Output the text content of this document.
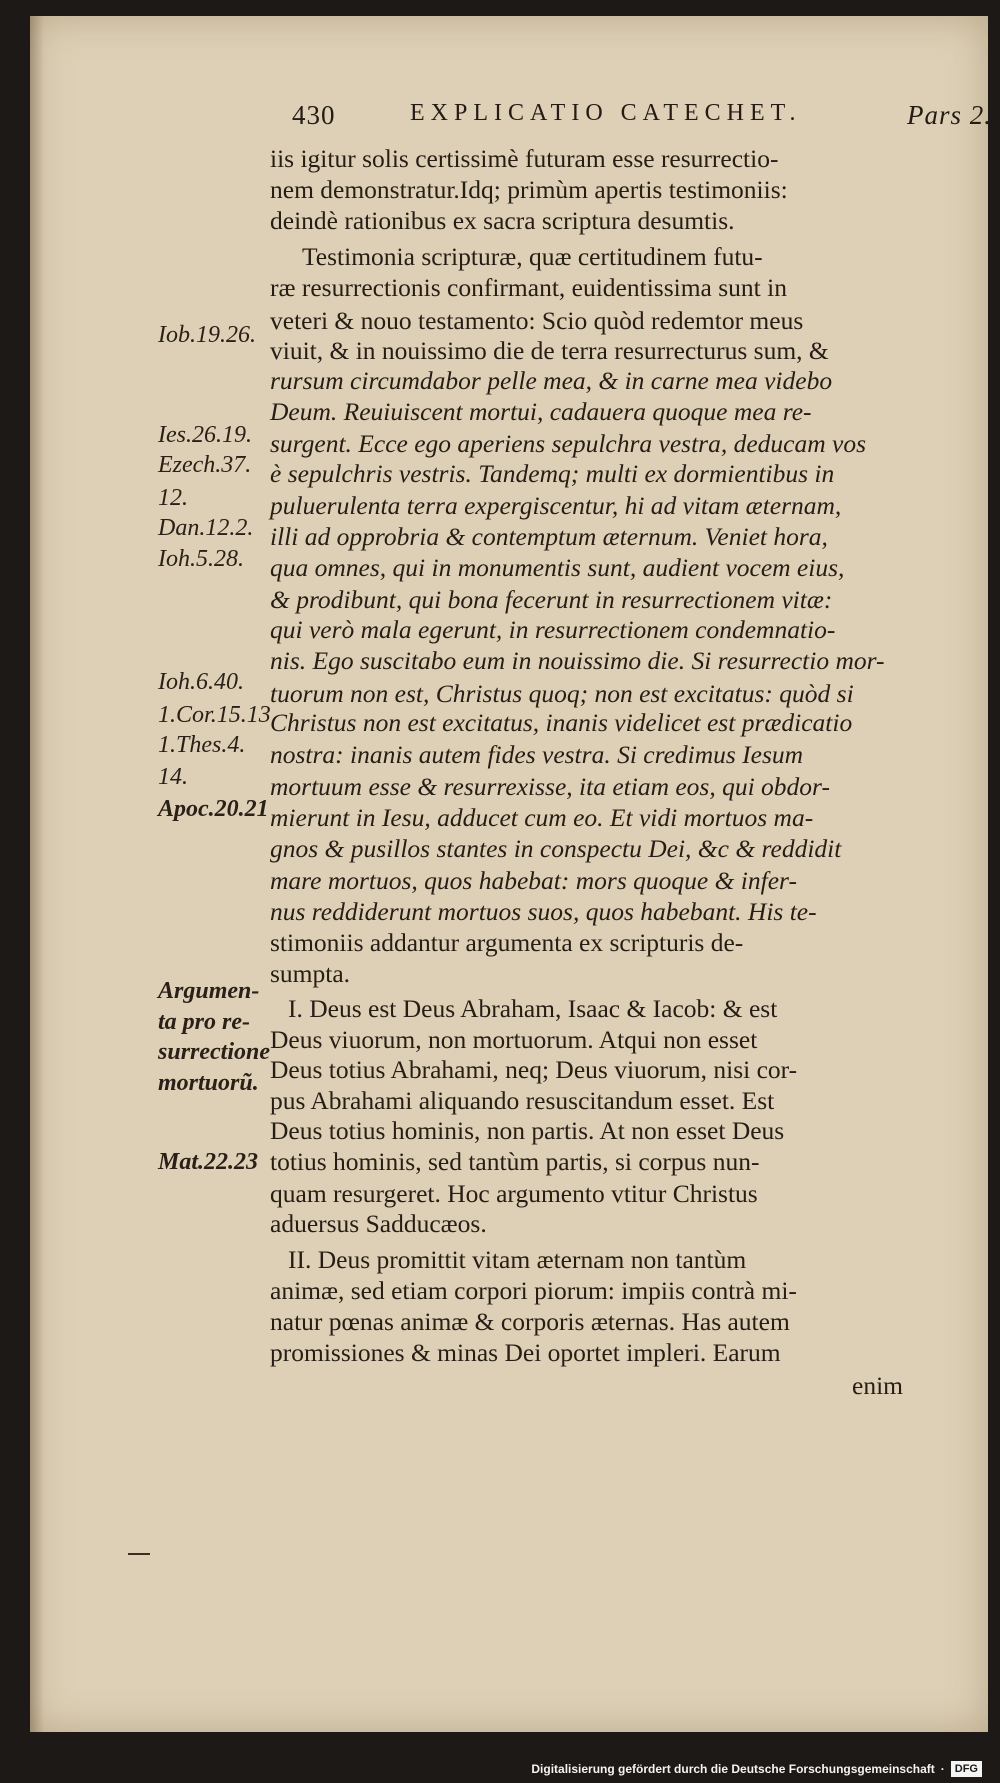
430	EXPLICATIO CATECHET.	Pars 2.

iis igitur solis certissimè futuram esse resurrectio-

nem demonstratur.Idq; primùm apertis testimoniis:

deindè rationibus ex sacra scriptura desumtis.

Testimonia scripturæ, quæ certitudinem futu-

ræ resurrectionis confirmant, euidentissima sunt in

veteri & nouo testamento: Scio quòd redemtor meus

viuit, & in nouissimo die de terra resurrecturus sum, &

rursum circumdabor pelle mea, & in carne mea videbo

Deum. Reuiuiscent mortui, cadauera quoque mea re-

surgent. Ecce ego aperiens sepulchra vestra, deducam vos

è sepulchris vestris. Tandemq; multi ex dormientibus in

puluerulenta terra expergiscentur, hi ad vitam æternam,

illi ad opprobria & contemptum æternum. Veniet hora,

qua omnes, qui in monumentis sunt, audient vocem eius,

& prodibunt, qui bona fecerunt in resurrectionem vitæ:

qui verò mala egerunt, in resurrectionem condemnatio-

nis. Ego suscitabo eum in nouissimo die. Si resurrectio mor-

tuorum non est, Christus quoq; non est excitatus: quòd si

Christus non est excitatus, inanis videlicet est prædicatio

nostra: inanis autem fides vestra. Si credimus Iesum

mortuum esse & resurrexisse, ita etiam eos, qui obdor-

mierunt in Iesu, adducet cum eo. Et vidi mortuos ma-

gnos & pusillos stantes in conspectu Dei, &c & reddidit

mare mortuos, quos habebat: mors quoque & infer-

nus reddiderunt mortuos suos, quos habebant. His te-

stimoniis addantur argumenta ex scripturis de-

sumpta.

I. Deus est Deus Abraham, Isaac & Iacob: & est

Deus viuorum, non mortuorum. Atqui non esset

Deus totius Abrahami, neq; Deus viuorum, nisi cor-

pus Abrahami aliquando resuscitandum esset. Est

Deus totius hominis, non partis. At non esset Deus

totius hominis, sed tantùm partis, si corpus nun-

quam resurgeret. Hoc argumento vtitur Christus

aduersus Sadducæos.

II. Deus promittit vitam æternam non tantùm

animæ, sed etiam corpori piorum: impiis contrà mi-

natur pœnas animæ & corporis æternas. Has autem

promissiones & minas Dei oportet impleri. Earum

enim

Iob.19.26.
Ies.26.19.
Ezech.37.
12.
Dan.12.2.
Ioh.5.28.
Ioh.6.40.
1.Cor.15.13
1.Thes.4.
14.
Apoc.20.21
Argumen-
ta pro re-
surrectione
mortuorũ.
Mat.22.23
Digitalisierung gefördert durch die Deutsche Forschungsgemeinschaft · DFG
